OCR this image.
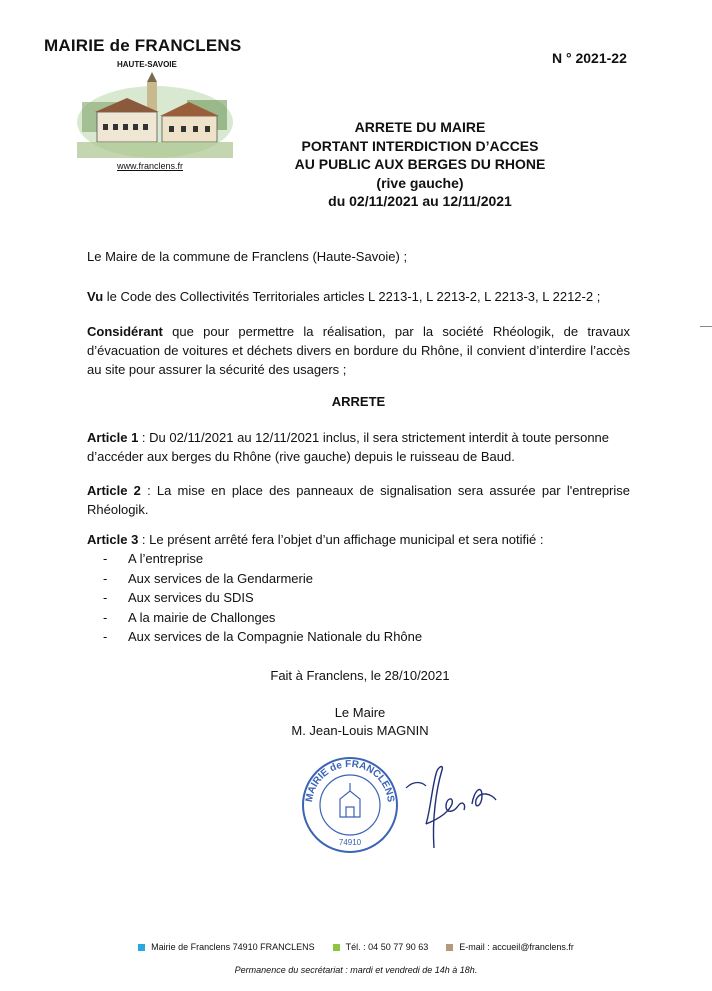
MAIRIE de FRANCLENS
HAUTE-SAVOIE
www.franclens.fr
N ° 2021-22
ARRETE DU MAIRE
PORTANT INTERDICTION D’ACCES
AU PUBLIC AUX BERGES DU RHONE
(rive gauche)
du 02/11/2021 au 12/11/2021
Le Maire de la commune de Franclens (Haute-Savoie) ;
Vu le Code des Collectivités Territoriales articles L 2213-1, L 2213-2, L 2213-3, L 2212-2 ;
Considérant que pour permettre la réalisation, par la société Rhéologik, de travaux d’évacuation de voitures et déchets divers en bordure du Rhône, il convient d’interdire l’accès au site pour assurer la sécurité des usagers ;
ARRETE
Article 1 : Du 02/11/2021 au 12/11/2021 inclus, il sera strictement interdit à toute personne d’accéder aux berges du Rhône (rive gauche) depuis le ruisseau de Baud.
Article 2 : La mise en place des panneaux de signalisation sera assurée par l'entreprise Rhéologik.
Article 3 : Le présent arrêté fera l’objet d’un affichage municipal et sera notifié :
-	A l’entreprise
-	Aux services de la Gendarmerie
-	Aux services du SDIS
-	A la mairie de Challonges
-	Aux services de la Compagnie Nationale du Rhône
Fait à Franclens, le 28/10/2021
Le Maire
M. Jean-Louis MAGNIN
MAIRIE de FRANCLENS
74910
Mairie de Franclens 74910 FRANCLENS	Tél. : 04 50 77 90 63	E-mail : accueil@franclens.fr
Permanence du secrétariat : mardi et vendredi de 14h à 18h.
